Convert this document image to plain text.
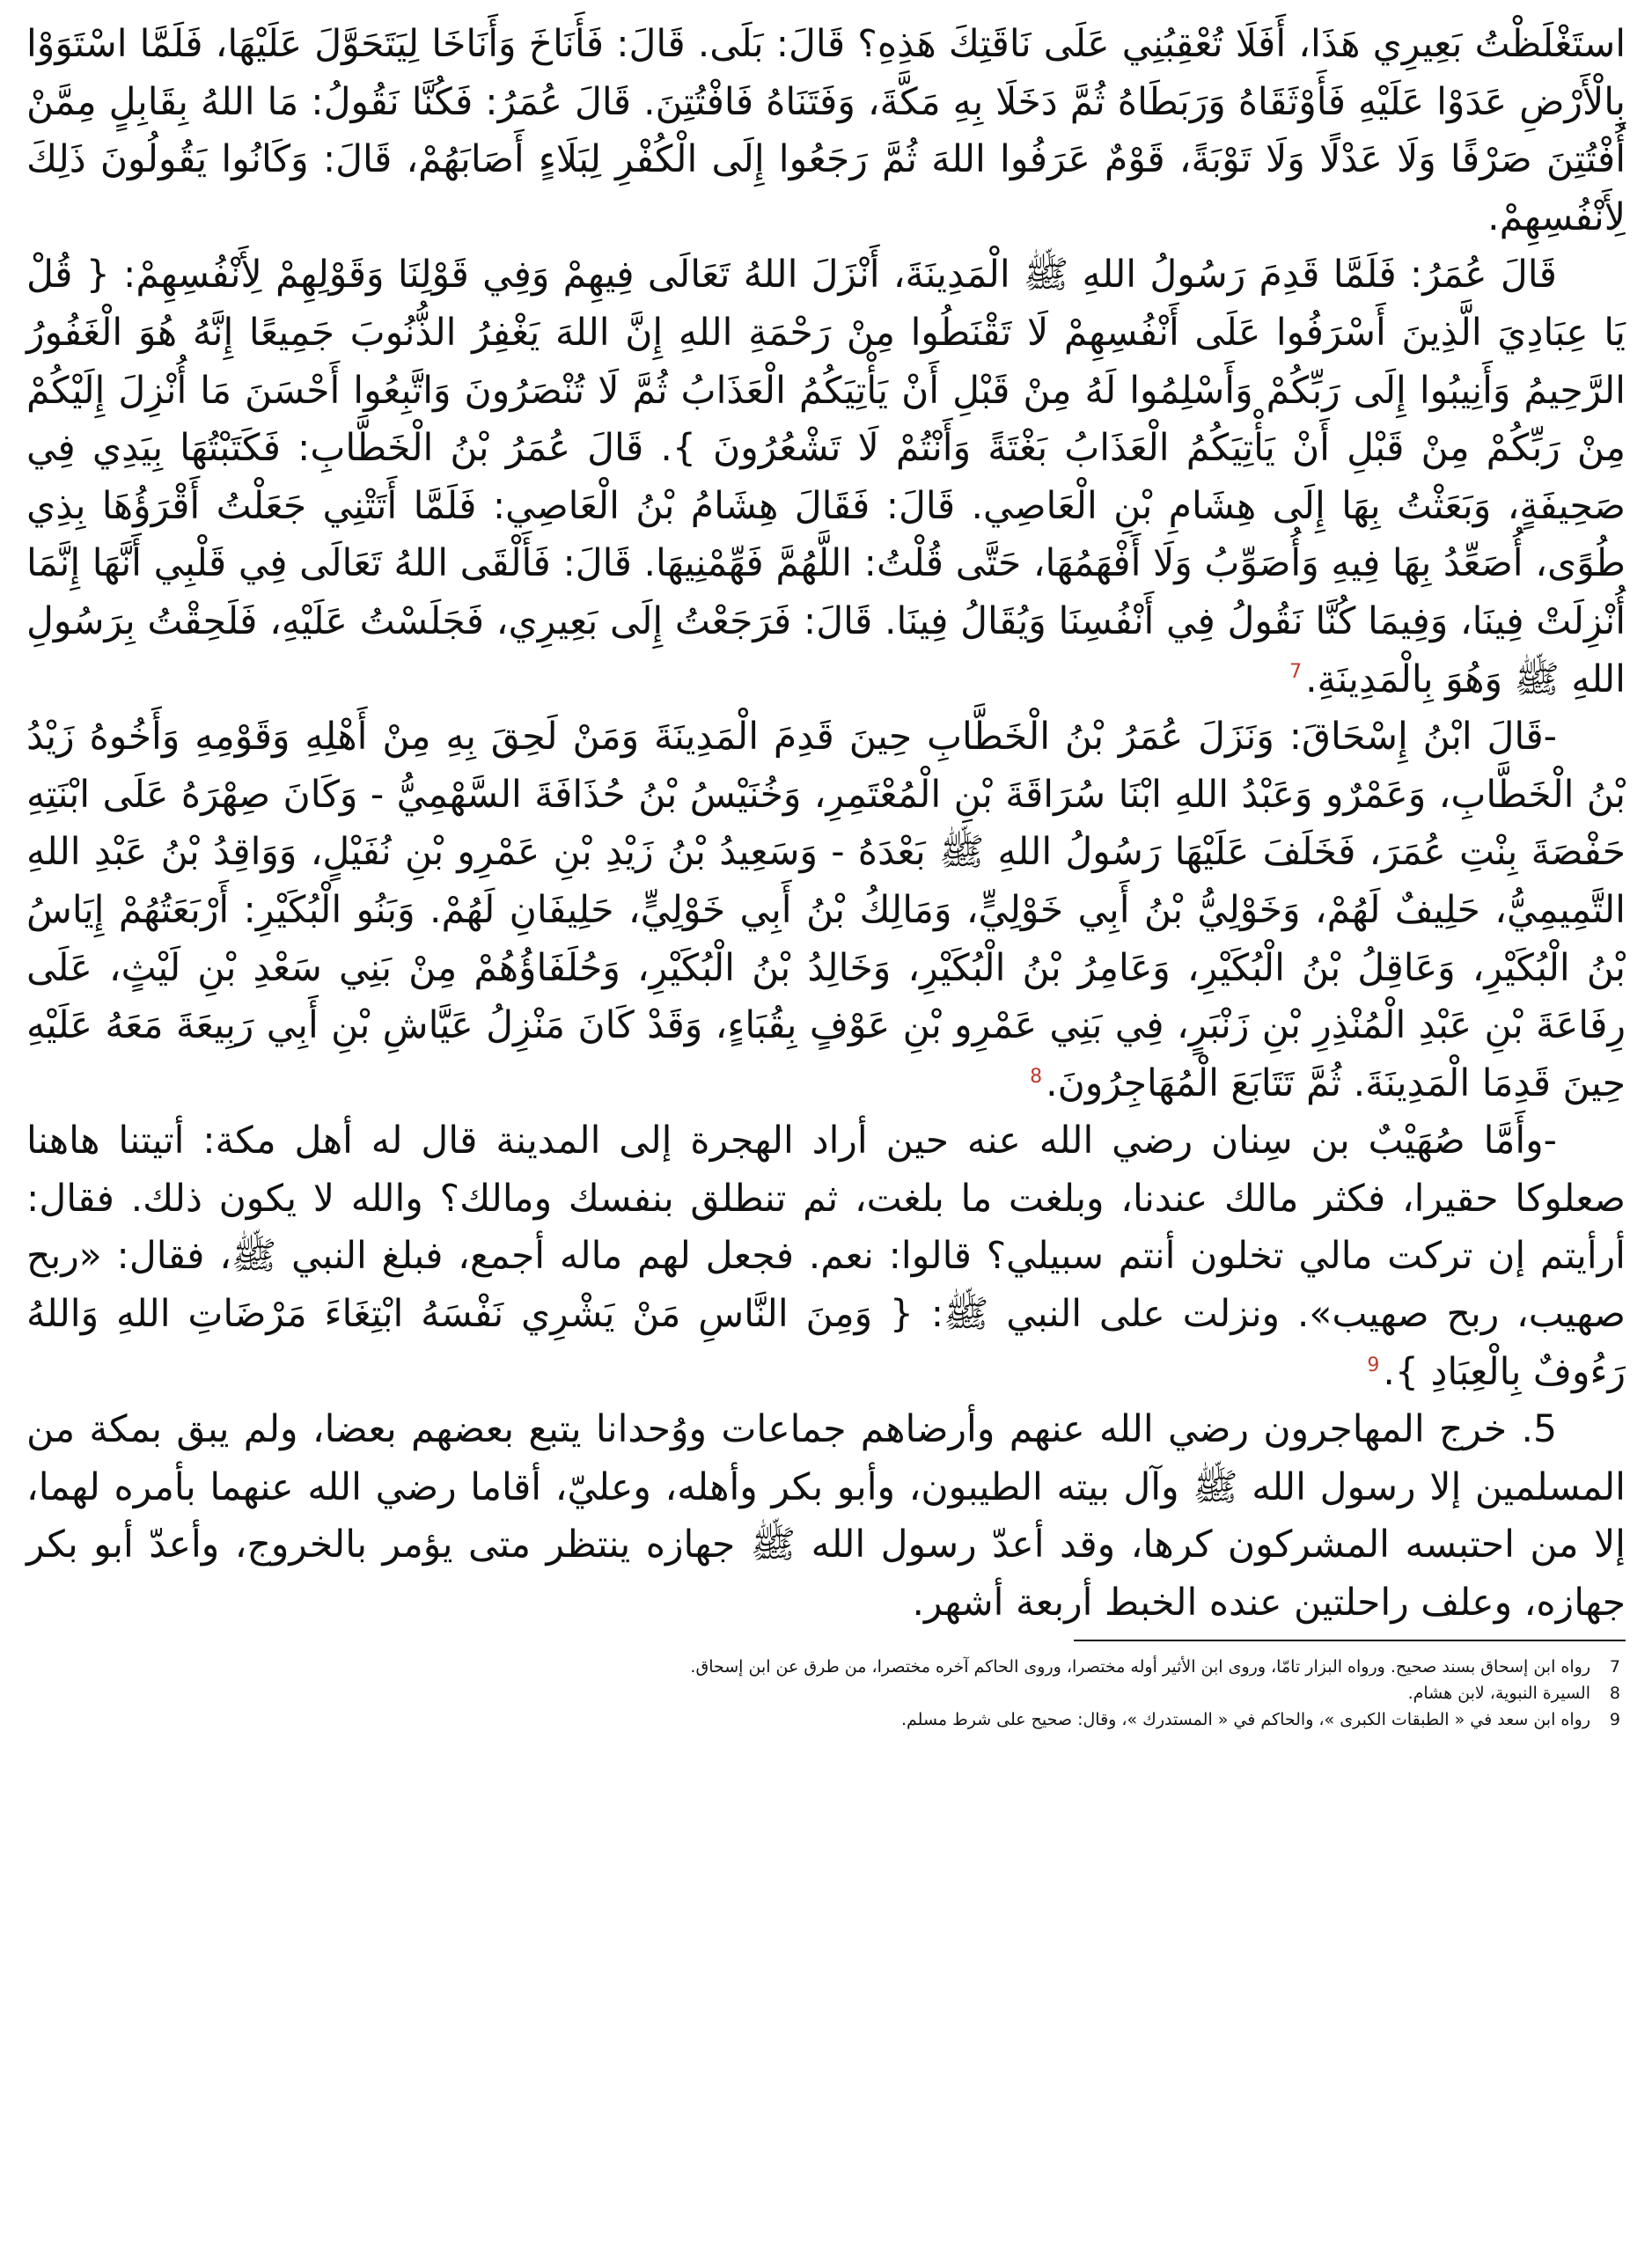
استَغْلَظْتُ بَعِيرِي هَذَا، أَفَلَا تُعْقِبُنِي عَلَى نَاقَتِكَ هَذِهِ؟ قَالَ: بَلَى. قَالَ: فَأَنَاخَ وَأَنَاخَا لِيَتَحَوَّلَ عَلَيْهَا، فَلَمَّا اسْتَوَوْا بِالْأَرْضِ عَدَوْا عَلَيْهِ فَأَوْثَقَاهُ وَرَبَطَاهُ ثُمَّ دَخَلَا بِهِ مَكَّةَ، وَفَتَنَاهُ فَافْتُتِنَ. قَالَ عُمَرُ: فَكُنَّا نَقُولُ: مَا اللهُ بِقَابِلٍ مِمَّنْ أُفْتُتِنَ صَرْفًا وَلَا عَدْلًا وَلَا تَوْبَةً، قَوْمٌ عَرَفُوا اللهَ ثُمَّ رَجَعُوا إِلَى الْكُفْرِ لِبَلَاءٍ أَصَابَهُمْ، قَالَ: وَكَانُوا يَقُولُونَ ذَلِكَ لِأَنْفُسِهِمْ.

قَالَ عُمَرُ: فَلَمَّا قَدِمَ رَسُولُ اللهِ ﷺ الْمَدِينَةَ، أَنْزَلَ اللهُ تَعَالَى فِيهِمْ وَفِي قَوْلِنَا وَقَوْلِهِمْ لِأَنْفُسِهِمْ: { قُلْ يَا عِبَادِيَ الَّذِينَ أَسْرَفُوا عَلَى أَنْفُسِهِمْ لَا تَقْنَطُوا مِنْ رَحْمَةِ اللهِ إِنَّ اللهَ يَغْفِرُ الذُّنُوبَ جَمِيعًا إِنَّهُ هُوَ الْغَفُورُ الرَّحِيمُ وَأَنِيبُوا إِلَى رَبِّكُمْ وَأَسْلِمُوا لَهُ مِنْ قَبْلِ أَنْ يَأْتِيَكُمُ الْعَذَابُ ثُمَّ لَا تُنْصَرُونَ وَاتَّبِعُوا أَحْسَنَ مَا أُنْزِلَ إِلَيْكُمْ مِنْ رَبِّكُمْ مِنْ قَبْلِ أَنْ يَأْتِيَكُمُ الْعَذَابُ بَغْتَةً وَأَنْتُمْ لَا تَشْعُرُونَ }. قَالَ عُمَرُ بْنُ الْخَطَّابِ: فَكَتَبْتُهَا بِيَدِي فِي صَحِيفَةٍ، وَبَعَثْتُ بِهَا إِلَى هِشَامِ بْنِ الْعَاصِي. قَالَ: فَقَالَ هِشَامُ بْنُ الْعَاصِي: فَلَمَّا أَتَتْنِي جَعَلْتُ أَقْرَؤُهَا بِذِي طُوًى، أُصَعِّدُ بِهَا فِيهِ وَأُصَوِّبُ وَلَا أَفْهَمُهَا، حَتَّى قُلْتُ: اللَّهُمَّ فَهِّمْنِيهَا. قَالَ: فَأَلْقَى اللهُ تَعَالَى فِي قَلْبِي أَنَّهَا إِنَّمَا أُنْزِلَتْ فِينَا، وَفِيمَا كُنَّا نَقُولُ فِي أَنْفُسِنَا وَيُقَالُ فِينَا. قَالَ: فَرَجَعْتُ إِلَى بَعِيرِي، فَجَلَسْتُ عَلَيْهِ، فَلَحِقْتُ بِرَسُولِ اللهِ ﷺ وَهُوَ بِالْمَدِينَةِ.$^7$

-قَالَ ابْنُ إِسْحَاقَ: وَنَزَلَ عُمَرُ بْنُ الْخَطَّابِ حِينَ قَدِمَ الْمَدِينَةَ وَمَنْ لَحِقَ بِهِ مِنْ أَهْلِهِ وَقَوْمِهِ وَأَخُوهُ زَيْدُ بْنُ الْخَطَّابِ، وَعَمْرٌو وَعَبْدُ اللهِ ابْنَا سُرَاقَةَ بْنِ الْمُعْتَمِرِ، وَخُنَيْسُ بْنُ حُذَافَةَ السَّهْمِيُّ - وَكَانَ صِهْرَهُ عَلَى ابْنَتِهِ حَفْصَةَ بِنْتِ عُمَرَ، فَخَلَفَ عَلَيْهَا رَسُولُ اللهِ ﷺ بَعْدَهُ - وَسَعِيدُ بْنُ زَيْدِ بْنِ عَمْرِو بْنِ نُفَيْلٍ، وَوَاقِدُ بْنُ عَبْدِ اللهِ التَّمِيمِيُّ، حَلِيفٌ لَهُمْ، وَخَوْلِيُّ بْنُ أَبِي خَوْلِيٍّ، وَمَالِكُ بْنُ أَبِي خَوْلِيٍّ، حَلِيفَانِ لَهُمْ. وَبَنُو الْبُكَيْرِ: أَرْبَعَتُهُمْ إِيَاسُ بْنُ الْبُكَيْرِ، وَعَاقِلُ بْنُ الْبُكَيْرِ، وَعَامِرُ بْنُ الْبُكَيْرِ، وَخَالِدُ بْنُ الْبُكَيْرِ، وَحُلَفَاؤُهُمْ مِنْ بَنِي سَعْدِ بْنِ لَيْثٍ، عَلَى رِفَاعَةَ بْنِ عَبْدِ الْمُنْذِرِ بْنِ زَنْبَرٍ، فِي بَنِي عَمْرِو بْنِ عَوْفٍ بِقُبَاءٍ، وَقَدْ كَانَ مَنْزِلُ عَيَّاشِ بْنِ أَبِي رَبِيعَةَ مَعَهُ عَلَيْهِ حِينَ قَدِمَا الْمَدِينَةَ. ثُمَّ تَتَابَعَ الْمُهَاجِرُونَ.$^8$

-وأَمَّا صُهَيْبٌ بن سِنان رضي الله عنه حين أراد الهجرة إلى المدينة قال له أهل مكة: أتيتنا هاهنا صعلوكا حقيرا، فكثر مالك عندنا، وبلغت ما بلغت، ثم تنطلق بنفسك ومالك؟ والله لا يكون ذلك. فقال: أرأيتم إن تركت مالي تخلون أنتم سبيلي؟ قالوا: نعم. فجعل لهم ماله أجمع، فبلغ النبي ﷺ، فقال: «ربح صهيب، ربح صهيب». ونزلت على النبي ﷺ: { وَمِنَ النَّاسِ مَنْ يَشْرِي نَفْسَهُ ابْتِغَاءَ مَرْضَاتِ اللهِ وَاللهُ رَءُوفٌ بِالْعِبَادِ }.$^9$

5. خرج المهاجرون رضي الله عنهم وأرضاهم جماعات ووُحدانا يتبع بعضهم بعضا، ولم يبق بمكة من المسلمين إلا رسول الله ﷺ وآل بيته الطيبون، وأبو بكر وأهله، وعليّ، أقاما رضي الله عنهما بأمره لهما، إلا من احتبسه المشركون كرها، وقد أعدّ رسول الله ﷺ جهازه ينتظر متى يؤمر بالخروج، وأعدّ أبو بكر جهازه، وعلف راحلتين عنده الخبط أربعة أشهر.

7
رواه ابن إسحاق بسند صحيح. ورواه البزار تامّا، وروى ابن الأثير أوله مختصرا، وروى الحاكم آخره مختصرا، من طرق عن ابن إسحاق.
8
السيرة النبوية، لابن هشام.
9
رواه ابن سعد في « الطبقات الكبرى »، والحاكم في « المستدرك »، وقال: صحيح على شرط مسلم.
